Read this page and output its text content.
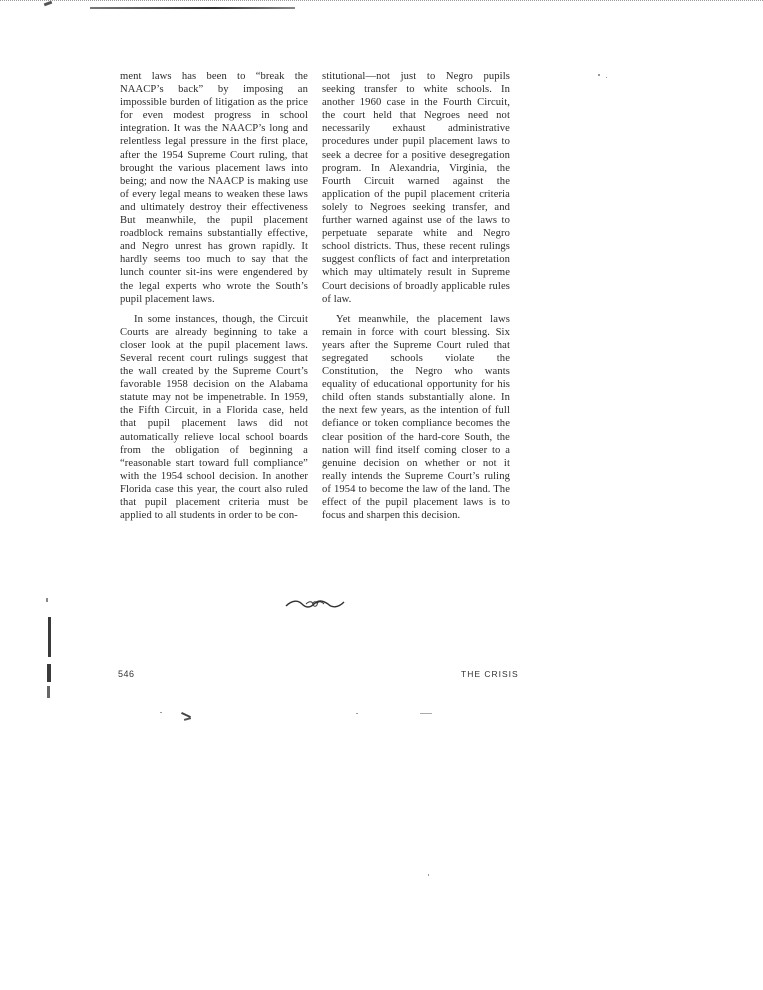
ment laws has been to “break the NAACP’s back” by imposing an impossible burden of litigation as the price for even modest progress in school integration. It was the NAACP’s long and relentless legal pressure in the first place, after the 1954 Supreme Court ruling, that brought the various placement laws into being; and now the NAACP is making use of every legal means to weaken these laws and ultimately destroy their effectiveness But meanwhile, the pupil placement roadblock remains substantially effective, and Negro unrest has grown rapidly. It hardly seems too much to say that the lunch counter sit-ins were engendered by the legal experts who wrote the South’s pupil placement laws.

In some instances, though, the Circuit Courts are already beginning to take a closer look at the pupil placement laws. Several recent court rulings suggest that the wall created by the Supreme Court’s favorable 1958 decision on the Alabama statute may not be impenetrable. In 1959, the Fifth Circuit, in a Florida case, held that pupil placement laws did not automatically relieve local school boards from the obligation of beginning a “reasonable start toward full compliance” with the 1954 school decision. In another Florida case this year, the court also ruled that pupil placement criteria must be applied to all students in order to be con-

stitutional—not just to Negro pupils seeking transfer to white schools. In another 1960 case in the Fourth Circuit, the court held that Negroes need not necessarily exhaust administrative procedures under pupil placement laws to seek a decree for a positive desegregation program. In Alexandria, Virginia, the Fourth Circuit warned against the application of the pupil placement criteria solely to Negroes seeking transfer, and further warned against use of the laws to perpetuate separate white and Negro school districts. Thus, these recent rulings suggest conflicts of fact and interpretation which may ultimately result in Supreme Court decisions of broadly applicable rules of law.

Yet meanwhile, the placement laws remain in force with court blessing. Six years after the Supreme Court ruled that segregated schools violate the Constitution, the Negro who wants equality of educational opportunity for his child often stands substantially alone. In the next few years, as the intention of full defiance or token compliance becomes the clear position of the hard-core South, the nation will find itself coming closer to a genuine decision on whether or not it really intends the Supreme Court’s ruling of 1954 to become the law of the land. The effect of the pupil placement laws is to focus and sharpen this decision.

546	THE CRISIS
